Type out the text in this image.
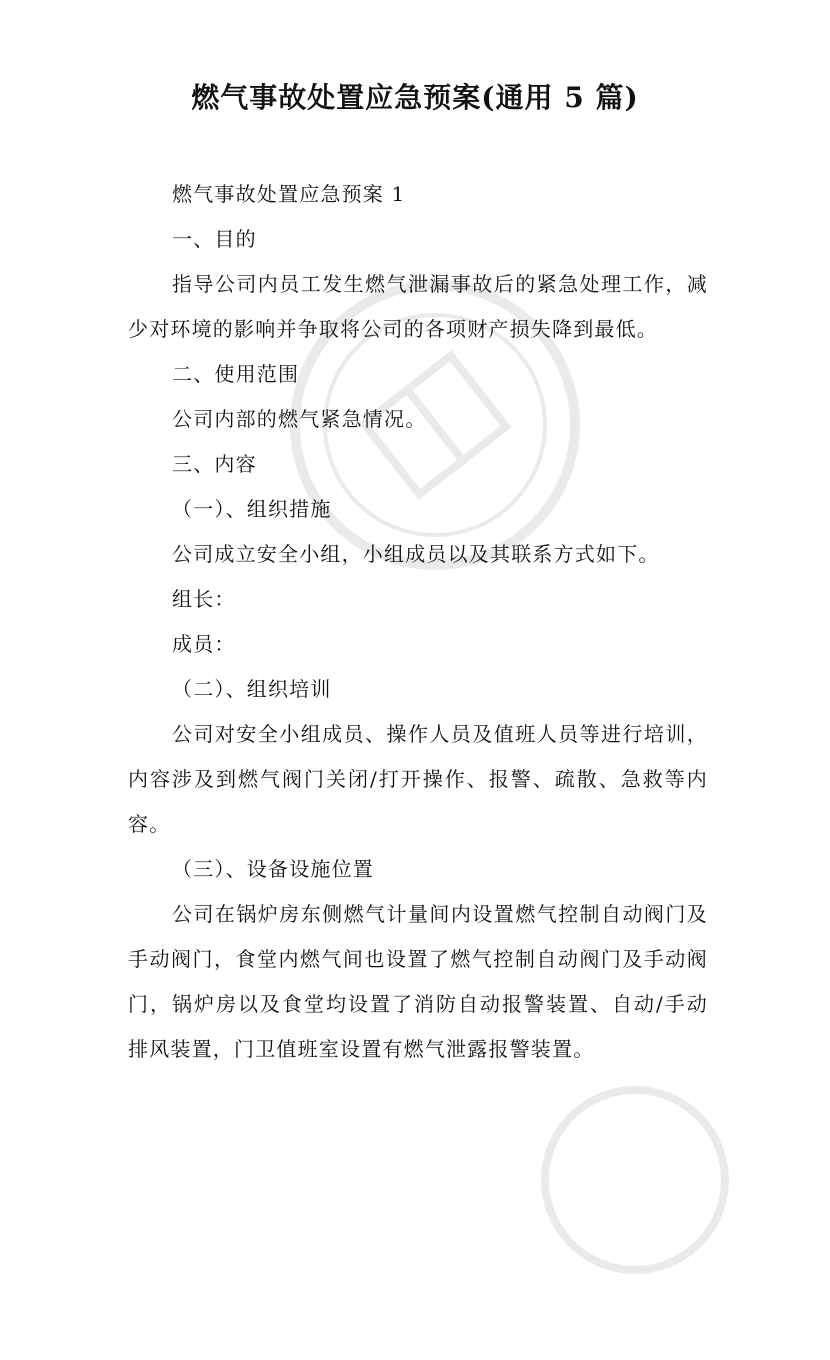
燃气事故处置应急预案(通用 5 篇)

燃气事故处置应急预案 1

一、目的

指导公司内员工发生燃气泄漏事故后的紧急处理工作，减少对环境的影响并争取将公司的各项财产损失降到最低。

二、使用范围

公司内部的燃气紧急情况。

三、内容

（一）、组织措施

公司成立安全小组，小组成员以及其联系方式如下。

组长：

成员：

（二）、组织培训

公司对安全小组成员、操作人员及值班人员等进行培训，内容涉及到燃气阀门关闭/打开操作、报警、疏散、急救等内容。

（三）、设备设施位置

公司在锅炉房东侧燃气计量间内设置燃气控制自动阀门及手动阀门，食堂内燃气间也设置了燃气控制自动阀门及手动阀门，锅炉房以及食堂均设置了消防自动报警装置、自动/手动排风装置，门卫值班室设置有燃气泄露报警装置。
